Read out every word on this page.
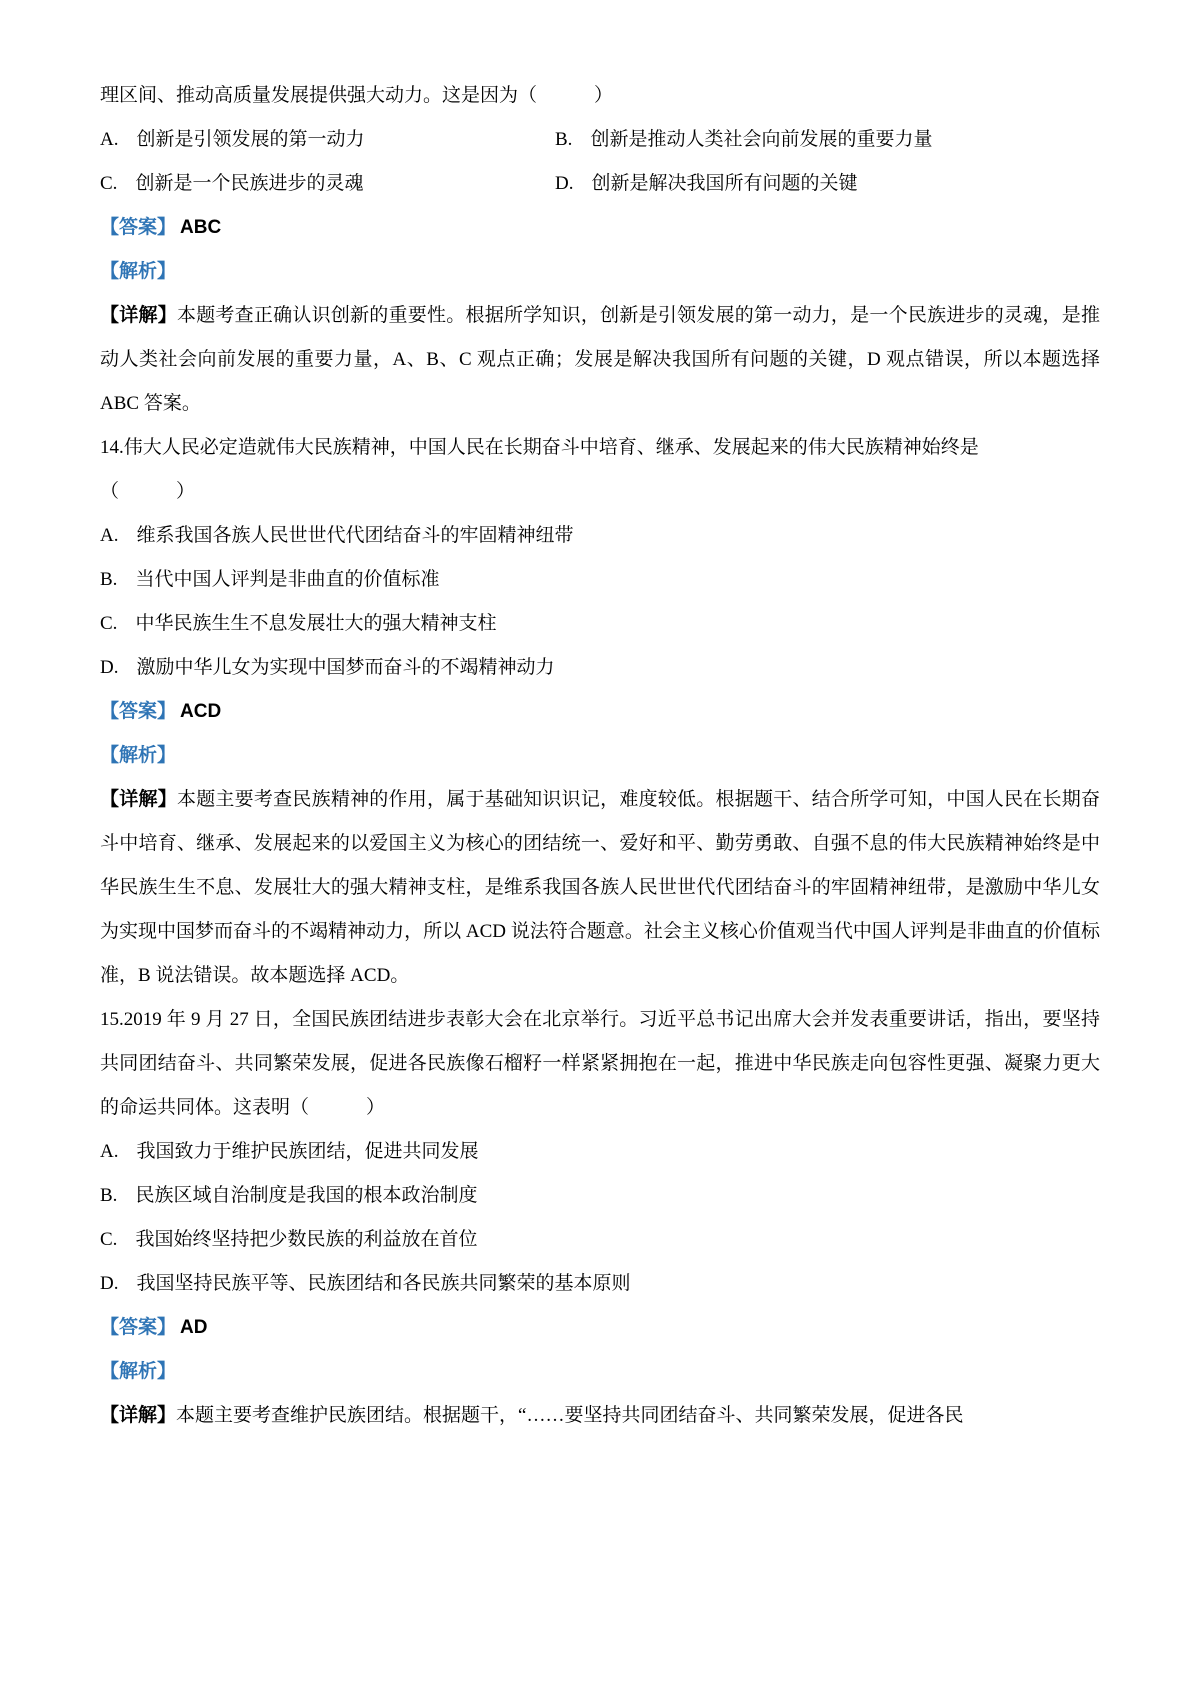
理区间、推动高质量发展提供强大动力。这是因为（　　　）

A. 创新是引领发展的第一动力	B. 创新是推动人类社会向前发展的重要力量

C. 创新是一个民族进步的灵魂	D. 创新是解决我国所有问题的关键

【答案】 ABC

【解析】

【详解】本题考查正确认识创新的重要性。根据所学知识，创新是引领发展的第一动力，是一个民族进步的灵魂，是推动人类社会向前发展的重要力量，A、B、C 观点正确；发展是解决我国所有问题的关键，D 观点错误，所以本题选择 ABC 答案。

14.伟大人民必定造就伟大民族精神，中国人民在长期奋斗中培育、继承、发展起来的伟大民族精神始终是

（　　　）

A. 维系我国各族人民世世代代团结奋斗的牢固精神纽带

B. 当代中国人评判是非曲直的价值标准

C. 中华民族生生不息发展壮大的强大精神支柱

D. 激励中华儿女为实现中国梦而奋斗的不竭精神动力

【答案】 ACD

【解析】

【详解】本题主要考查民族精神的作用，属于基础知识识记，难度较低。根据题干、结合所学可知，中国人民在长期奋斗中培育、继承、发展起来的以爱国主义为核心的团结统一、爱好和平、勤劳勇敢、自强不息的伟大民族精神始终是中华民族生生不息、发展壮大的强大精神支柱，是维系我国各族人民世世代代团结奋斗的牢固精神纽带，是激励中华儿女为实现中国梦而奋斗的不竭精神动力，所以 ACD 说法符合题意。社会主义核心价值观当代中国人评判是非曲直的价值标准，B 说法错误。故本题选择 ACD。

15.2019 年 9 月 27 日，全国民族团结进步表彰大会在北京举行。习近平总书记出席大会并发表重要讲话，指出，要坚持共同团结奋斗、共同繁荣发展，促进各民族像石榴籽一样紧紧拥抱在一起，推进中华民族走向包容性更强、凝聚力更大的命运共同体。这表明（　　　）

A. 我国致力于维护民族团结，促进共同发展

B. 民族区域自治制度是我国的根本政治制度

C. 我国始终坚持把少数民族的利益放在首位

D. 我国坚持民族平等、民族团结和各民族共同繁荣的基本原则

【答案】 AD

【解析】

【详解】本题主要考查维护民族团结。根据题干，“……要坚持共同团结奋斗、共同繁荣发展，促进各民
